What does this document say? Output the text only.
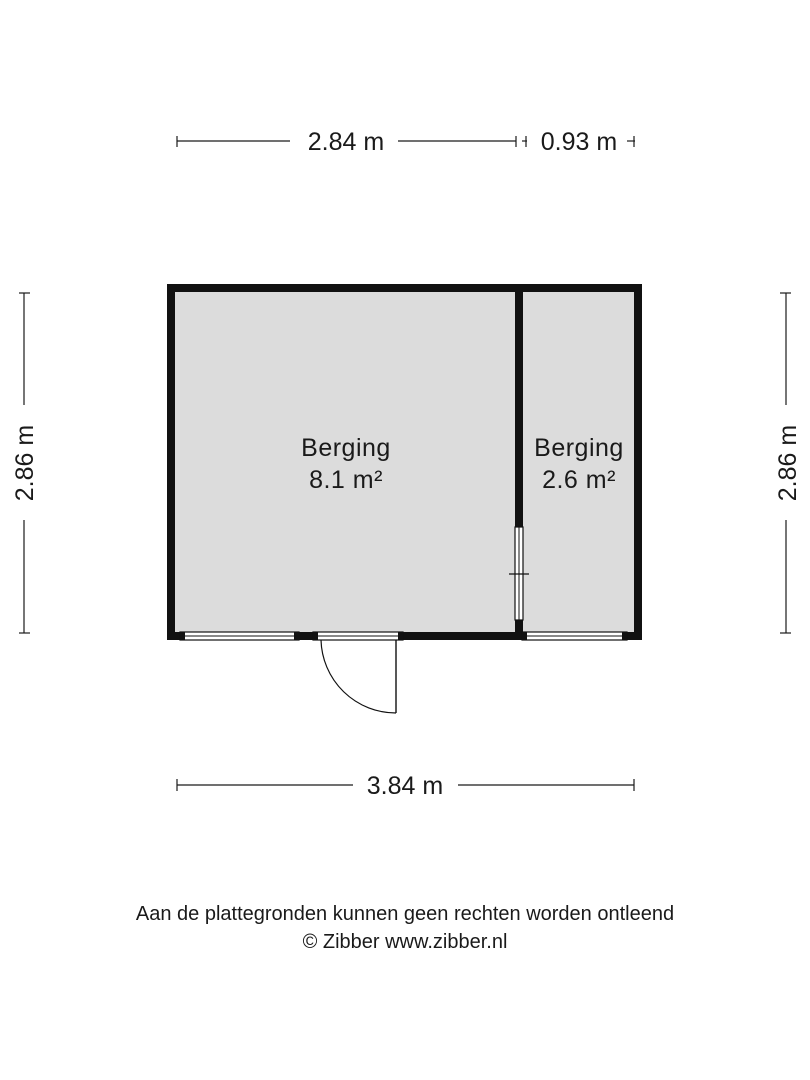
2.84 m	0.93 m
2.86 m	2.86 m
3.84 m
Berging
8.1 m²
Berging
2.6 m²
Aan de plattegronden kunnen geen rechten worden ontleend
© Zibber www.zibber.nl
